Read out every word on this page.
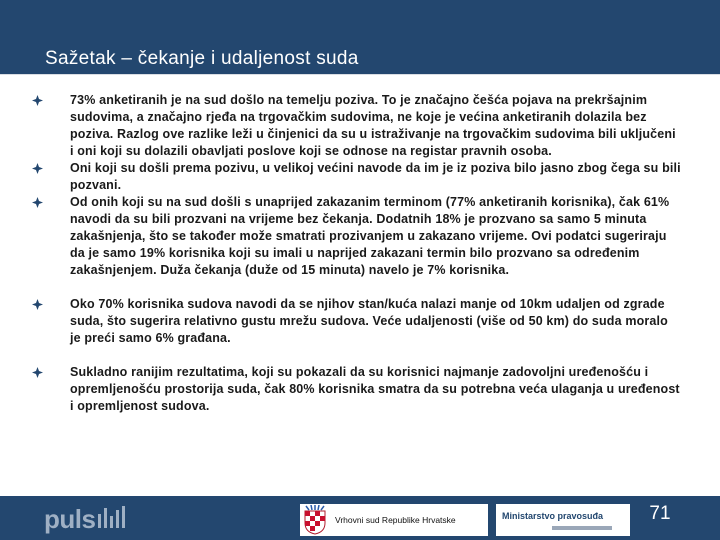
Sažetak – čekanje i udaljenost suda
73% anketiranih je na sud došlo na temelju poziva. To je značajno češća pojava na prekršajnim sudovima, a značajno rjeđa na trgovačkim sudovima, ne koje je većina anketiranih dolazila bez poziva. Razlog ove razlike leži u činjenici da su u istraživanje na trgovačkim sudovima bili uključeni i oni koji su dolazili obavljati poslove koji se odnose na registar pravnih osoba.
Oni koji su došli prema pozivu, u velikoj većini navode da im je iz poziva bilo jasno zbog čega su bili pozvani.
Od onih koji su na sud došli s unaprijed zakazanim terminom (77% anketiranih korisnika), čak 61% navodi da su bili prozvani na vrijeme bez čekanja. Dodatnih 18% je prozvano sa samo 5 minuta zakašnjenja, što se također može smatrati prozivanjem u zakazano vrijeme. Ovi podatci sugeriraju da je samo 19% korisnika koji su imali u naprijed zakazani termin bilo prozvano sa određenim zakašnjenjem. Duža čekanja (duže od 15 minuta) navelo je 7% korisnika.
Oko 70% korisnika sudova navodi da se njihov stan/kuća nalazi manje od 10km udaljen od zgrade suda, što sugerira relativno gustu mrežu sudova. Veće udaljenosti (više od 50 km) do suda moralo je preći samo 6% građana.
Sukladno ranijim rezultatima, koji su pokazali da su korisnici najmanje zadovoljni uređenošću i opremljenošću prostorija suda, čak 80% korisnika smatra da su potrebna veća ulaganja u uređenost i opremljenost sudova.
puls	Vrhovni sud Republike Hrvatske	Ministarstvo pravosuđa	71
